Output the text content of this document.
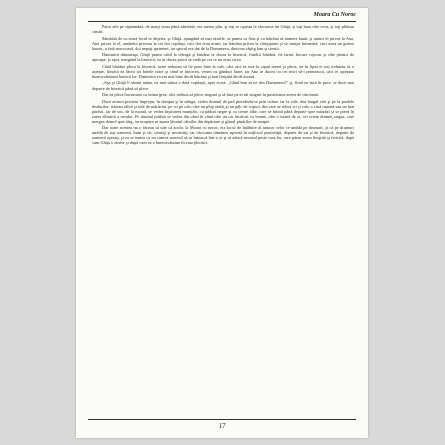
Moara Cu Noroc

Patru zile pe săptămână, de marţi seara până sâmbătă, era mereu plin, şi toţi se opreau la cârciuma lui Ghiţă, şi toţi luau câte ceva, şi toţi plăteau cinstit.

Sâmbătă de cu seară locul se deşerta, şi Ghiţă, ajungând să mai răsufle, se punea cu Ana şi cu bătrâna să numere banii, şi atunci el privea la Ana, Ana privea la el, amândoi priveau la cei doi copilaşi, căci doi erau acum, iar bătrâna privea la câteşipatru şi se simţea întinerită, căci avea un ginere harnic, o fată norocoasă, doi nepoţi sprinteni, iar sporul era dat de la Dumnezeu, dintr-un câştig bun şi cinstit.

Duminică dimineaţa, Ghiţă punea calul la teleagă şi bătrâna se ducea la biserică, fiindcă bătrână, fie iarnă, fiecare cojocar şi câte ţărănci de aproape, şi apoi, mergând la biserică, ea se ducea parcă să vadă pe cei ce nu erau cu ea.

Când bătrâna pleca la biserică, toate trebuiau să fie puse bine la cale, căci aici ea este la capul mesei şi pleca, iar în lipsa ei toţi trebuiau să o aştepte, fiindcă ea făcea tot binele casei şi când se întorcea, venea cu gânduri bune, iar Ana se ducea cu cei mici să-i primească, căci ei aşteptau binecuvântarea bunicii lor. Duminica ea era mai bine decât bătrâna şi mai liniştită decât aseară.

„Aşa şi Ghiţă îi sărută mâna, ea mai stătea o dată copilaşii, apoi zicea: „Gând bun să ne dea Dumnezeu!” şi, fiind ea încă în pace, se duce mai departe de biserică până să plece.

Dar ea pleca bucuroasă cu inima grea, căci trebuia să plece singură şi să lase pe ai săi singuri în pustietatea aceea de cârciumă.

Dacă arunca privirea împrejur, în dreapta şi în stânga, vedea drumul de ţară pierzându-se prin culme, iar la vale, dea lungul văii şi pe la poalele dealurilor, stăteau sălcii şi tufe de mărăcini, pe ici pe colo câte un plop răzleţ şi un pâlc de copaci, din care se ridica ici şi colo o casă ruinată sau un han părăsit, iar de sus, de la moară, se vedea înşiruirea munţilor, cu păduri negre şi cu creste albe, care se întind până departe spre miazăzi şi se pierd în zarea albastră a cerului. Pe drumul prăfuit se vedea din când în când câte un car încărcat cu lemne, câte o turmă de oi, ori vreun drumeţ singur, care mergea domol spre târg, iar noaptea se auzea lătratul câinilor din depărtare şi glasul păsărilor de noapte.

Dar toate acestea nu o făceau să uite că acolo, la Moara cu noroc, era locul de întâlnire al tuturor celor ce umblă pe drumuri, şi că pe drumuri umblă de toţi oamenii, buni şi răi, cinstiţi şi necinstiţi, iar cârciuma rămânea aşezată în mijlocul pustietăţii, departe de sat şi de biserică, departe de oamenii aşezaţi, şi ea se temea ca nu cumva norocul să se întoarcă într-o zi şi să aducă necazul peste casa lor, care părea acum liniştită şi fericită, după cum Ghiţă o dorise şi după cum ea o binecuvântase în ziua plecării.

17
